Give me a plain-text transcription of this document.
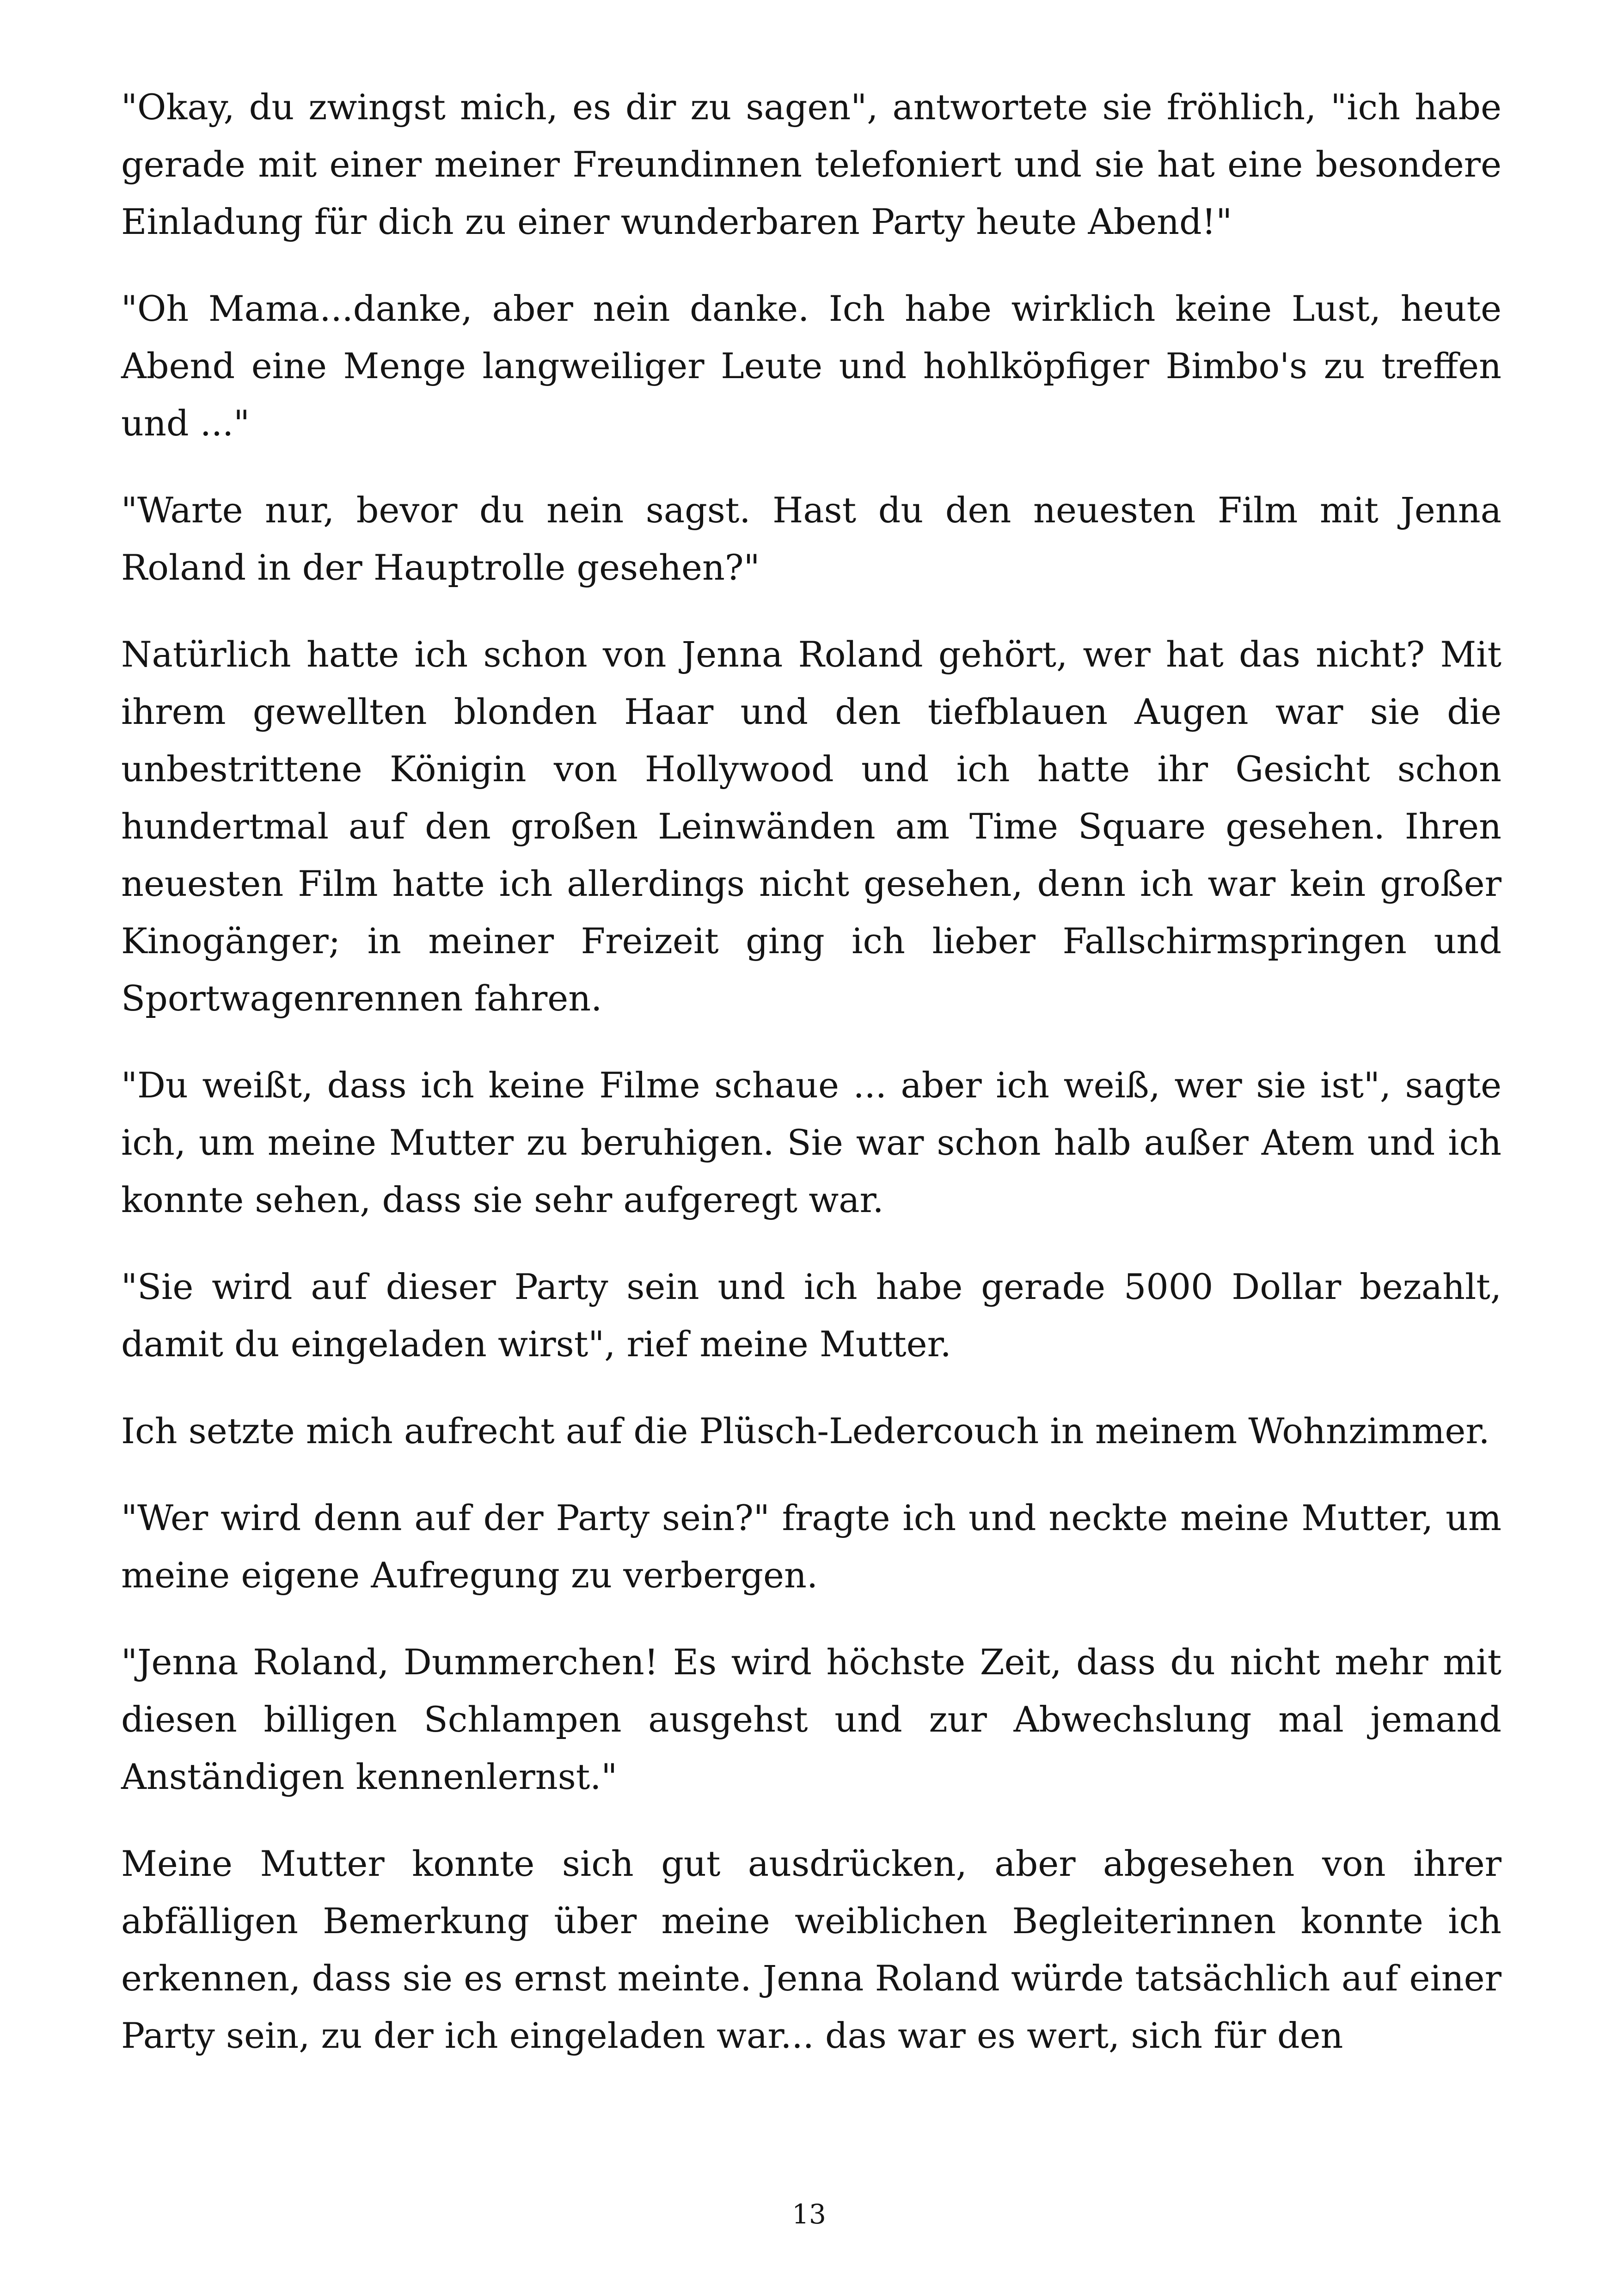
"Okay, du zwingst mich, es dir zu sagen", antwortete sie fröhlich, "ich habe gerade mit einer meiner Freundinnen telefoniert und sie hat eine besondere Einladung für dich zu einer wunderbaren Party heute Abend!"

"Oh Mama...danke, aber nein danke. Ich habe wirklich keine Lust, heute Abend eine Menge langweiliger Leute und hohlköpfiger Bimbo's zu treffen und ..."

"Warte nur, bevor du nein sagst. Hast du den neuesten Film mit Jenna Roland in der Hauptrolle gesehen?"

Natürlich hatte ich schon von Jenna Roland gehört, wer hat das nicht? Mit ihrem gewellten blonden Haar und den tiefblauen Augen war sie die unbestrittene Königin von Hollywood und ich hatte ihr Gesicht schon hundertmal auf den großen Leinwänden am Time Square gesehen. Ihren neuesten Film hatte ich allerdings nicht gesehen, denn ich war kein großer Kinogänger; in meiner Freizeit ging ich lieber Fallschirmspringen und Sportwagenrennen fahren.

"Du weißt, dass ich keine Filme schaue ... aber ich weiß, wer sie ist", sagte ich, um meine Mutter zu beruhigen. Sie war schon halb außer Atem und ich konnte sehen, dass sie sehr aufgeregt war.

"Sie wird auf dieser Party sein und ich habe gerade 5000 Dollar bezahlt, damit du eingeladen wirst", rief meine Mutter.

Ich setzte mich aufrecht auf die Plüsch-Ledercouch in meinem Wohnzimmer.

"Wer wird denn auf der Party sein?" fragte ich und neckte meine Mutter, um meine eigene Aufregung zu verbergen.

"Jenna Roland, Dummerchen! Es wird höchste Zeit, dass du nicht mehr mit diesen billigen Schlampen ausgehst und zur Abwechslung mal jemand Anständigen kennenlernst."

Meine Mutter konnte sich gut ausdrücken, aber abgesehen von ihrer abfälligen Bemerkung über meine weiblichen Begleiterinnen konnte ich erkennen, dass sie es ernst meinte. Jenna Roland würde tatsächlich auf einer Party sein, zu der ich eingeladen war... das war es wert, sich für den

13
